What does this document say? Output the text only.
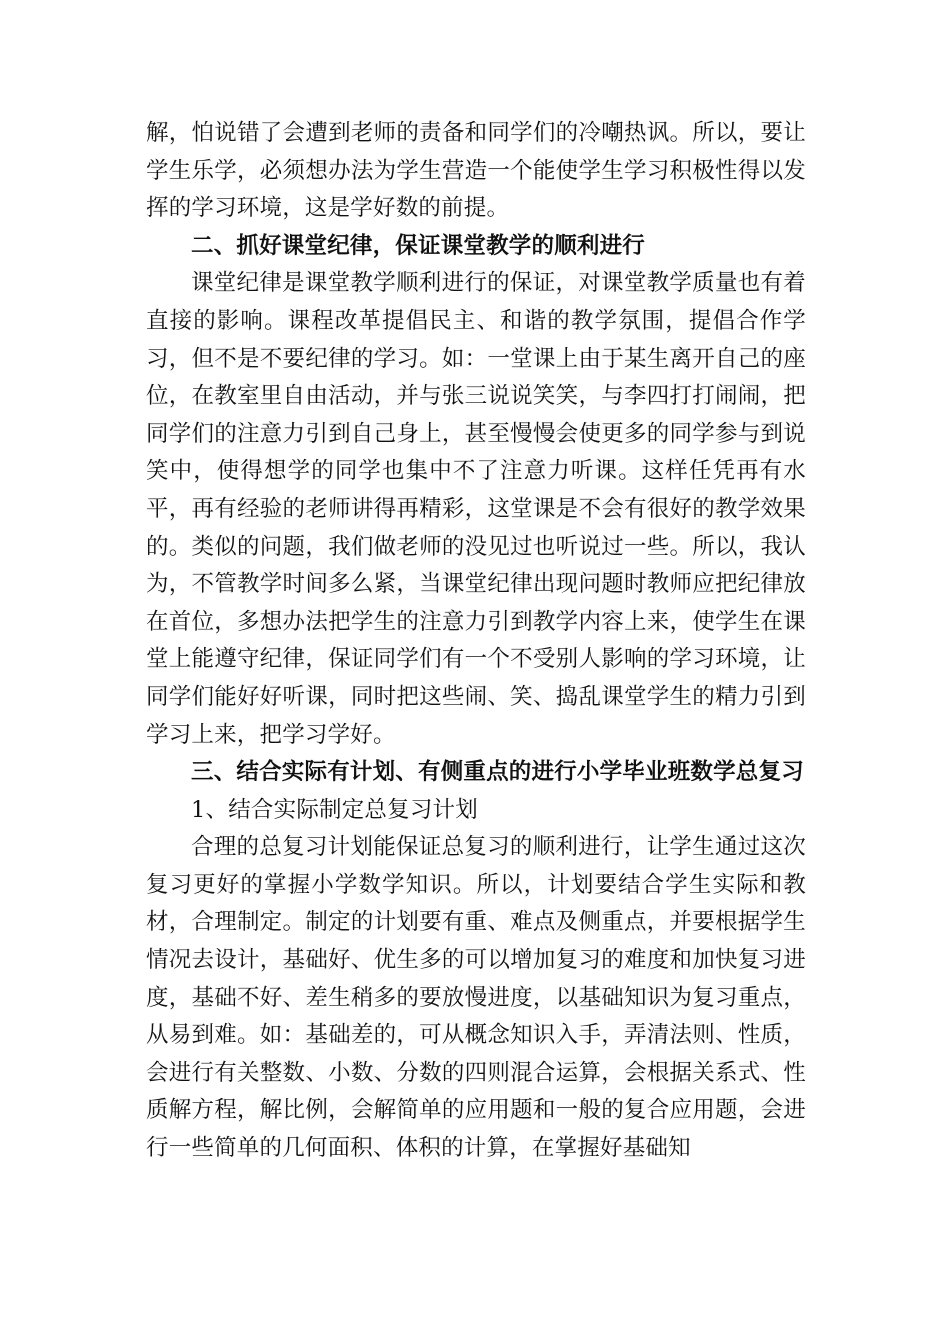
解，怕说错了会遭到老师的责备和同学们的冷嘲热讽。所以，要让学生乐学，必须想办法为学生营造一个能使学生学习积极性得以发挥的学习环境，这是学好数的前提。

二、抓好课堂纪律，保证课堂教学的顺利进行

课堂纪律是课堂教学顺利进行的保证，对课堂教学质量也有着直接的影响。课程改革提倡民主、和谐的教学氛围，提倡合作学习，但不是不要纪律的学习。如：一堂课上由于某生离开自己的座位，在教室里自由活动，并与张三说说笑笑，与李四打打闹闹，把同学们的注意力引到自己身上，甚至慢慢会使更多的同学参与到说笑中，使得想学的同学也集中不了注意力听课。这样任凭再有水平，再有经验的老师讲得再精彩，这堂课是不会有很好的教学效果的。类似的问题，我们做老师的没见过也听说过一些。所以，我认为，不管教学时间多么紧，当课堂纪律出现问题时教师应把纪律放在首位，多想办法把学生的注意力引到教学内容上来，使学生在课堂上能遵守纪律，保证同学们有一个不受别人影响的学习环境，让同学们能好好听课，同时把这些闹、笑、捣乱课堂学生的精力引到学习上来，把学习学好。

三、结合实际有计划、有侧重点的进行小学毕业班数学总复习

1、结合实际制定总复习计划

合理的总复习计划能保证总复习的顺利进行，让学生通过这次复习更好的掌握小学数学知识。所以，计划要结合学生实际和教材，合理制定。制定的计划要有重、难点及侧重点，并要根据学生情况去设计，基础好、优生多的可以增加复习的难度和加快复习进度，基础不好、差生稍多的要放慢进度，以基础知识为复习重点，从易到难。如：基础差的，可从概念知识入手，弄清法则、性质，会进行有关整数、小数、分数的四则混合运算，会根据关系式、性质解方程，解比例，会解简单的应用题和一般的复合应用题，会进行一些简单的几何面积、体积的计算，在掌握好基础知
